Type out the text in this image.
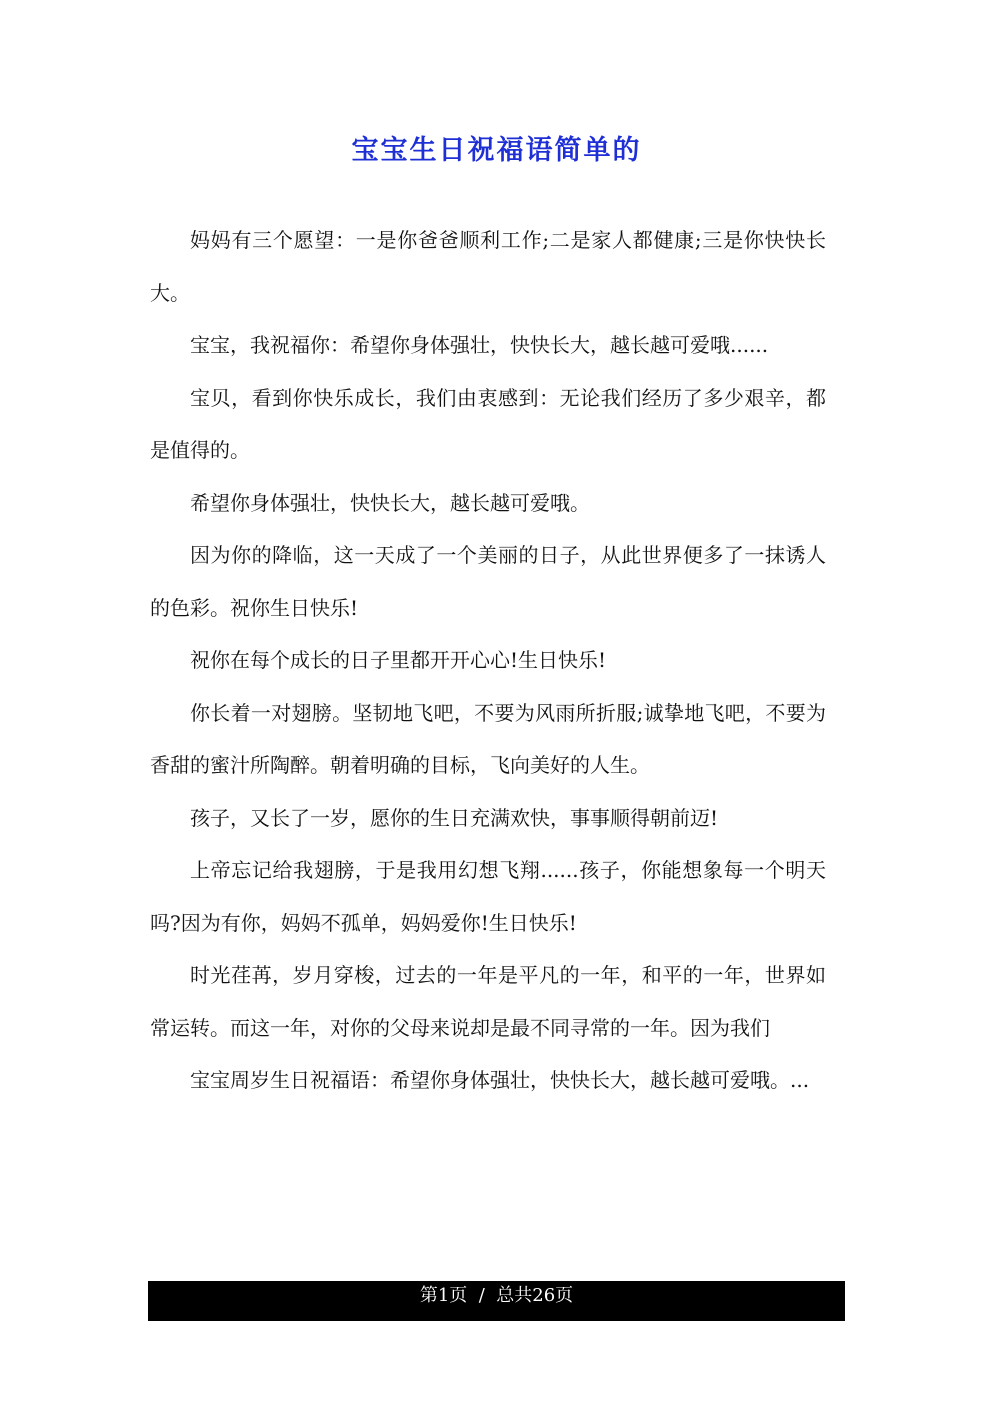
宝宝生日祝福语简单的

妈妈有三个愿望：一是你爸爸顺利工作;二是家人都健康;三是你快快长大。

宝宝，我祝福你：希望你身体强壮，快快长大，越长越可爱哦......

宝贝，看到你快乐成长，我们由衷感到：无论我们经历了多少艰辛，都是值得的。

希望你身体强壮，快快长大，越长越可爱哦。

因为你的降临，这一天成了一个美丽的日子，从此世界便多了一抹诱人的色彩。祝你生日快乐!

祝你在每个成长的日子里都开开心心!生日快乐!

你长着一对翅膀。坚韧地飞吧，不要为风雨所折服;诚挚地飞吧，不要为香甜的蜜汁所陶醉。朝着明确的目标，飞向美好的人生。

孩子，又长了一岁，愿你的生日充满欢快，事事顺得朝前迈!

上帝忘记给我翅膀，于是我用幻想飞翔......孩子，你能想象每一个明天吗?因为有你，妈妈不孤单，妈妈爱你!生日快乐!

时光荏苒，岁月穿梭，过去的一年是平凡的一年，和平的一年，世界如常运转。而这一年，对你的父母来说却是最不同寻常的一年。因为我们

宝宝周岁生日祝福语：希望你身体强壮，快快长大，越长越可爱哦。...

第1页  /  总共26页
